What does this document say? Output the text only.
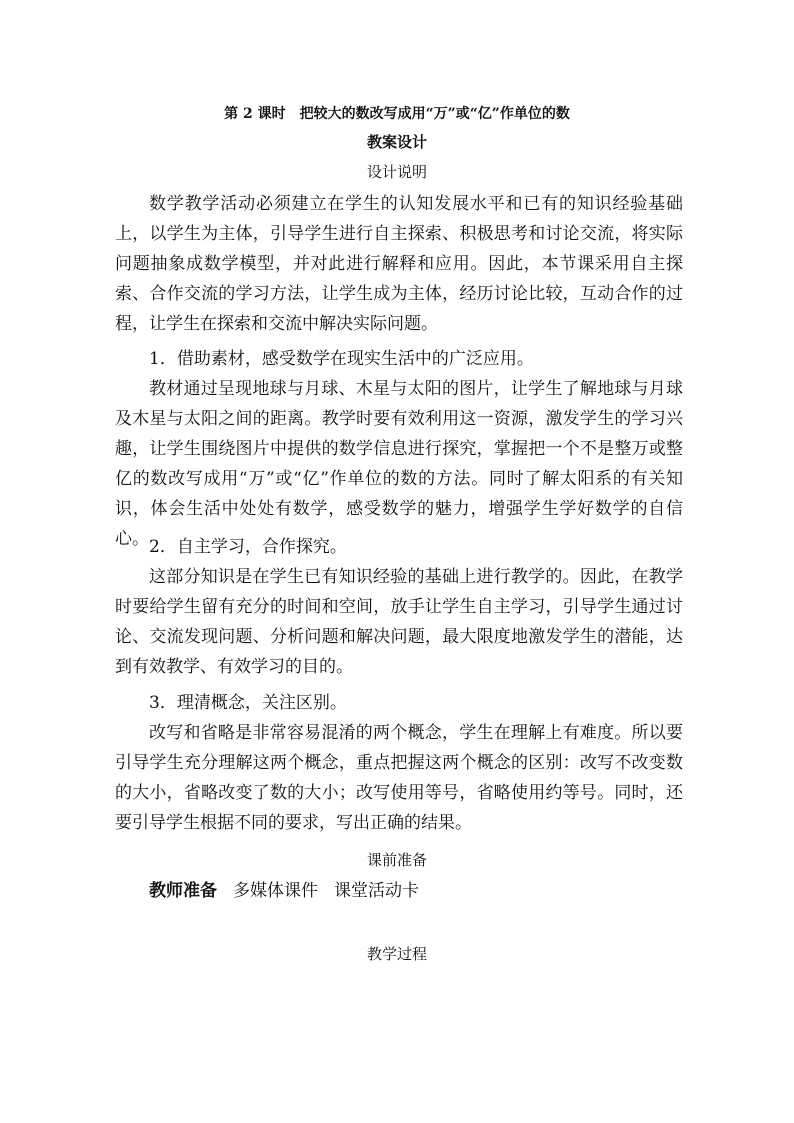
第 2 课时　把较大的数改写成用“万”或“亿”作单位的数
教案设计
设计说明

数学教学活动必须建立在学生的认知发展水平和已有的知识经验基础上，以学生为主体，引导学生进行自主探索、积极思考和讨论交流，将实际问题抽象成数学模型，并对此进行解释和应用。因此，本节课采用自主探索、合作交流的学习方法，让学生成为主体，经历讨论比较，互动合作的过程，让学生在探索和交流中解决实际问题。

1．借助素材，感受数学在现实生活中的广泛应用。

教材通过呈现地球与月球、木星与太阳的图片，让学生了解地球与月球及木星与太阳之间的距离。教学时要有效利用这一资源，激发学生的学习兴趣，让学生围绕图片中提供的数学信息进行探究，掌握把一个不是整万或整亿的数改写成用“万”或“亿”作单位的数的方法。同时了解太阳系的有关知识，体会生活中处处有数学，感受数学的魅力，增强学生学好数学的自信心。 2．自主学习，合作探究。

这部分知识是在学生已有知识经验的基础上进行教学的。因此，在教学时要给学生留有充分的时间和空间，放手让学生自主学习，引导学生通过讨论、交流发现问题、分析问题和解决问题，最大限度地激发学生的潜能，达到有效教学、有效学习的目的。

3．理清概念，关注区别。

改写和省略是非常容易混淆的两个概念，学生在理解上有难度。所以要引导学生充分理解这两个概念，重点把握这两个概念的区别：改写不改变数的大小，省略改变了数的大小；改写使用等号，省略使用约等号。同时，还要引导学生根据不同的要求，写出正确的结果。

课前准备

教师准备 多媒体课件 课堂活动卡

教学过程
